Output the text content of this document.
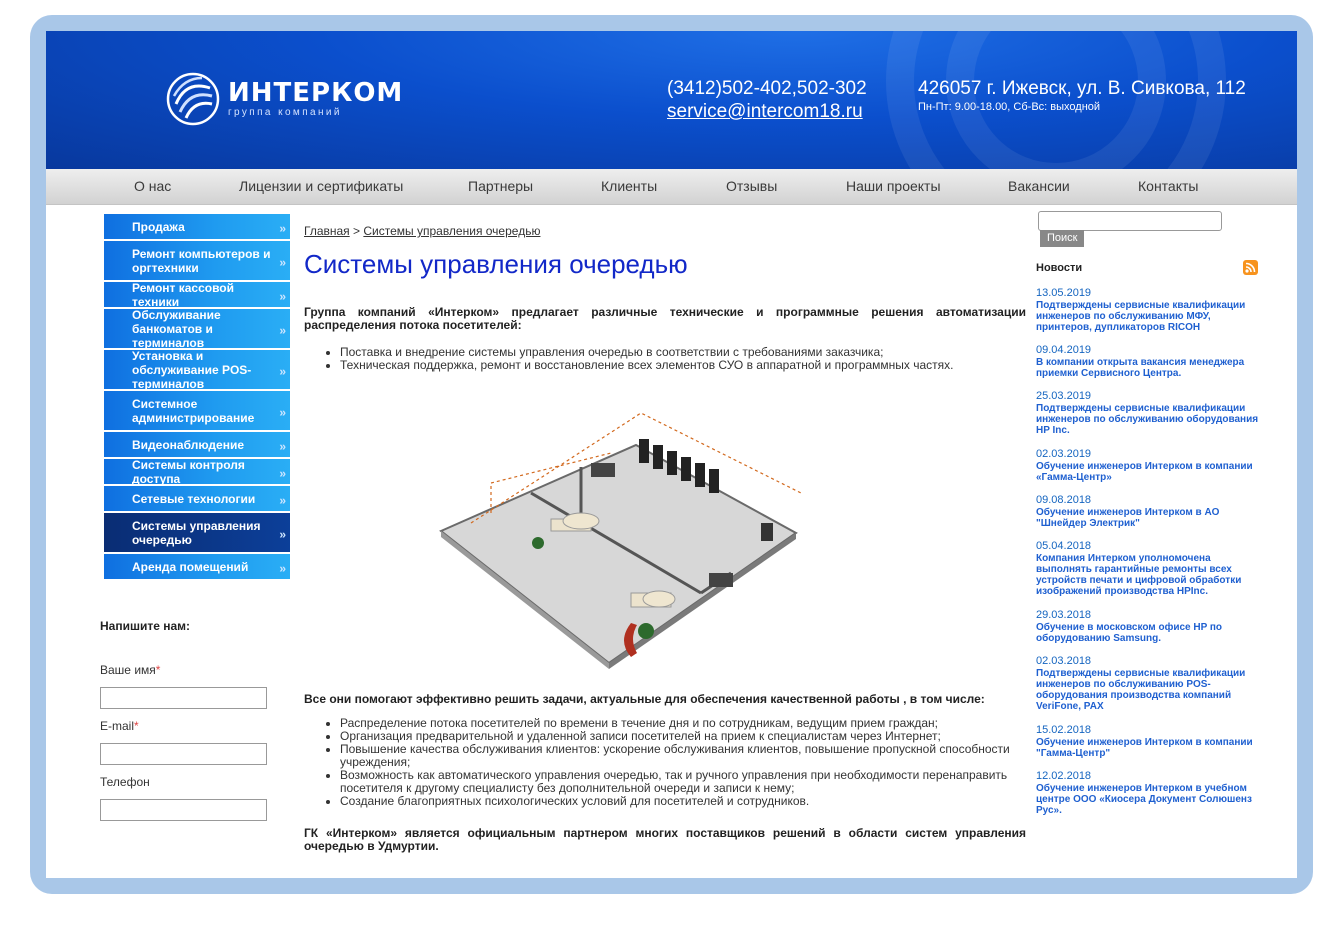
ИНТЕРКОМ
группа компаний
(3412)502-402,502-302
service@intercom18.ru
426057 г. Ижевск, ул. В. Сивкова, 112
Пн-Пт: 9.00-18.00, Сб-Вс: выходной
О нас	Лицензии и сертификаты	Партнеры	Клиенты	Отзывы	Наши проекты	Вакансии	Контакты
Продажа	»
Ремонт компьютеров и оргтехники	»
Ремонт кассовой техники	»
Обслуживание банкоматов и терминалов
»
Установка и обслуживание POS-терминалов
»
Системное администрирование	»
Видеонаблюдение	»
Системы контроля доступа	»
Сетевые технологии »
Системы управления очередью	»
Аренда помещений	»
Напишите нам:
Ваше имя*
E-mail*
Телефон
Главная > Системы управления очередью
Системы управления очередью
Группа компаний «Интерком» предлагает различные технические и программные решения автоматизации распределения потока посетителей:
• Поставка и внедрение системы управления очередью в соответствии с требованиями заказчика;
• Техническая поддержка, ремонт и восстановление всех элементов СУО в аппаратной и программных частях.
Все они помогают эффективно решить задачи, актуальные для обеспечения качественной работы , в том числе:
• Распределение потока посетителей по времени в течение дня и по сотрудникам, ведущим прием граждан;
• Организация предварительной и удаленной записи посетителей на прием к специалистам через Интернет;
• Повышение качества обслуживания клиентов: ускорение обслуживания клиентов, повышение пропускной способности учреждения;
• Возможность как автоматического управления очередью, так и ручного управления при необходимости перенаправить посетителя к другому специалисту без дополнительной очереди и записи к нему;
• Создание благоприятных психологических условий для посетителей и сотрудников.
ГК «Интерком» является официальным партнером многих поставщиков решений в области систем управления очередью в Удмуртии.
Поиск
Новости
13.05.2019
Подтверждены сервисные квалификации инженеров по обслуживанию МФУ, принтеров, дупликаторов RICOH
09.04.2019
В компании открыта вакансия менеджера приемки Сервисного Центра.
25.03.2019
Подтверждены сервисные квалификации инженеров по обслуживанию оборудования HP Inc.
02.03.2019
Обучение инженеров Интерком в компании «Гамма-Центр»
09.08.2018
Обучение инженеров Интерком в АО "Шнейдер Электрик"
05.04.2018
Компания Интерком уполномочена выполнять гарантийные ремонты всех устройств печати и цифровой обработки изображений производства HPInc.
29.03.2018
Обучение в московском офисе HP по оборудованию Samsung.
02.03.2018
Подтверждены сервисные квалификации инженеров по обслуживанию POS-оборудования производства компаний VeriFone, PAX
15.02.2018
Обучение инженеров Интерком в компании "Гамма-Центр"
12.02.2018
Обучение инженеров Интерком в учебном центре ООО «Киосера Документ Солюшенз Рус».
